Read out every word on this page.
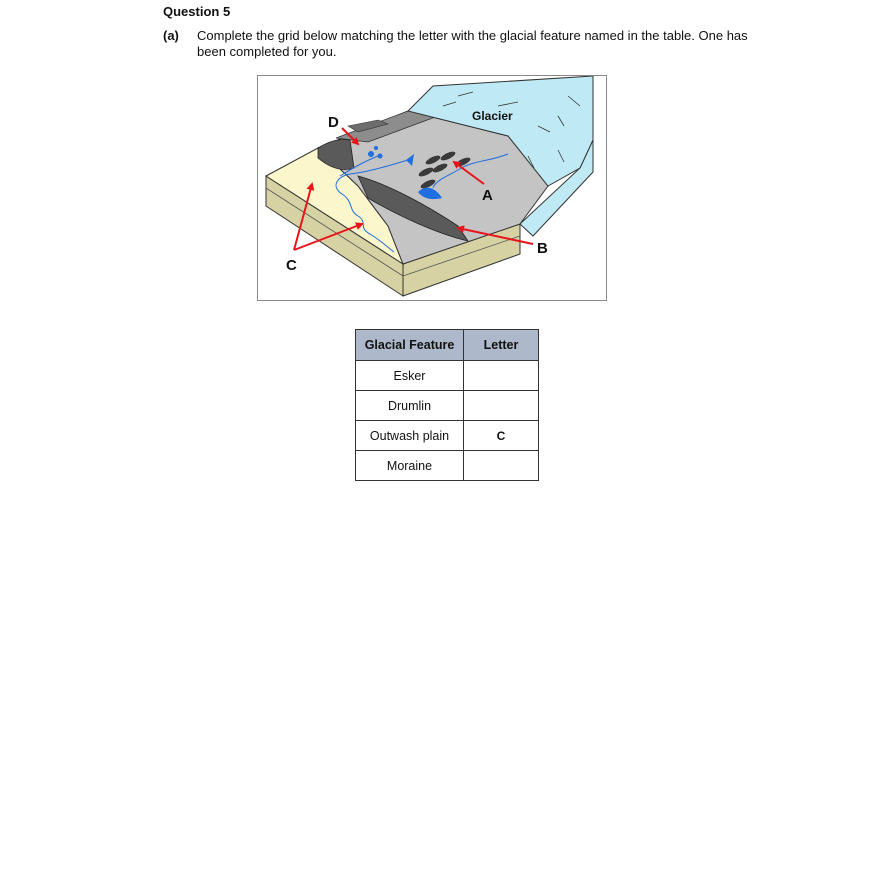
Question 5
(a) Complete the grid below matching the letter with the glacial feature named in the table. One has been completed for you.
Glacier
D
A
B
C
Glacial Feature	Letter
Esker	
Drumlin	
Outwash plain	C
Moraine	
